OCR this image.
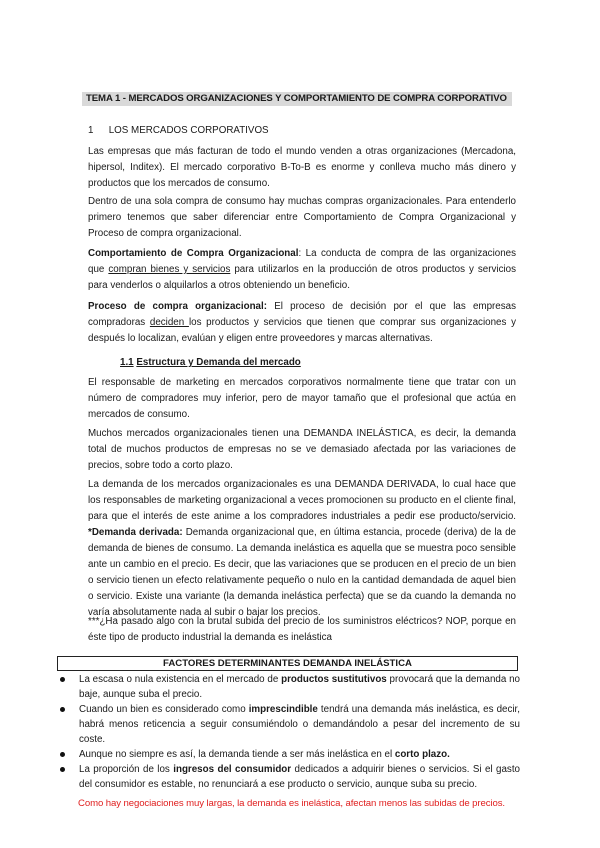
TEMA 1 - MERCADOS ORGANIZACIONES Y COMPORTAMIENTO DE COMPRA CORPORATIVO
1 LOS MERCADOS CORPORATIVOS
Las empresas que más facturan de todo el mundo venden a otras organizaciones (Mercadona, hipersol, Inditex). El mercado corporativo B-To-B es enorme y conlleva mucho más dinero y productos que los mercados de consumo.
Dentro de una sola compra de consumo hay muchas compras organizacionales. Para entenderlo primero tenemos que saber diferenciar entre Comportamiento de Compra Organizacional y Proceso de compra organizacional.
Comportamiento de Compra Organizacional: La conducta de compra de las organizaciones que compran bienes y servicios para utilizarlos en la producción de otros productos y servicios para venderlos o alquilarlos a otros obteniendo un beneficio.
Proceso de compra organizacional: El proceso de decisión por el que las empresas compradoras deciden los productos y servicios que tienen que comprar sus organizaciones y después lo localizan, evalúan y eligen entre proveedores y marcas alternativas.
1.1 Estructura y Demanda del mercado
El responsable de marketing en mercados corporativos normalmente tiene que tratar con un número de compradores muy inferior, pero de mayor tamaño que el profesional que actúa en mercados de consumo.
Muchos mercados organizacionales tienen una DEMANDA INELÁSTICA, es decir, la demanda total de muchos productos de empresas no se ve demasiado afectada por las variaciones de precios, sobre todo a corto plazo.
La demanda de los mercados organizacionales es una DEMANDA DERIVADA, lo cual hace que los responsables de marketing organizacional a veces promocionen su producto en el cliente final, para que el interés de este anime a los compradores industriales a pedir ese producto/servicio. *Demanda derivada: Demanda organizacional que, en última estancia, procede (deriva) de la de demanda de bienes de consumo. La demanda inelástica es aquella que se muestra poco sensible ante un cambio en el precio. Es decir, que las variaciones que se producen en el precio de un bien o servicio tienen un efecto relativamente pequeño o nulo en la cantidad demandada de aquel bien o servicio. Existe una variante (la demanda inelástica perfecta) que se da cuando la demanda no varía absolutamente nada al subir o bajar los precios.
***¿Ha pasado algo con la brutal subida del precio de los suministros eléctricos? NOP, porque en éste tipo de producto industrial la demanda es inelástica
FACTORES DETERMINANTES DEMANDA INELÁSTICA
La escasa o nula existencia en el mercado de productos sustitutivos provocará que la demanda no baje, aunque suba el precio.
Cuando un bien es considerado como imprescindible tendrá una demanda más inelástica, es decir, habrá menos reticencia a seguir consumiéndolo o demandándolo a pesar del incremento de su coste.
Aunque no siempre es así, la demanda tiende a ser más inelástica en el corto plazo.
La proporción de los ingresos del consumidor dedicados a adquirir bienes o servicios. Si el gasto del consumidor es estable, no renunciará a ese producto o servicio, aunque suba su precio.
Como hay negociaciones muy largas, la demanda es inelástica, afectan menos las subidas de precios.
